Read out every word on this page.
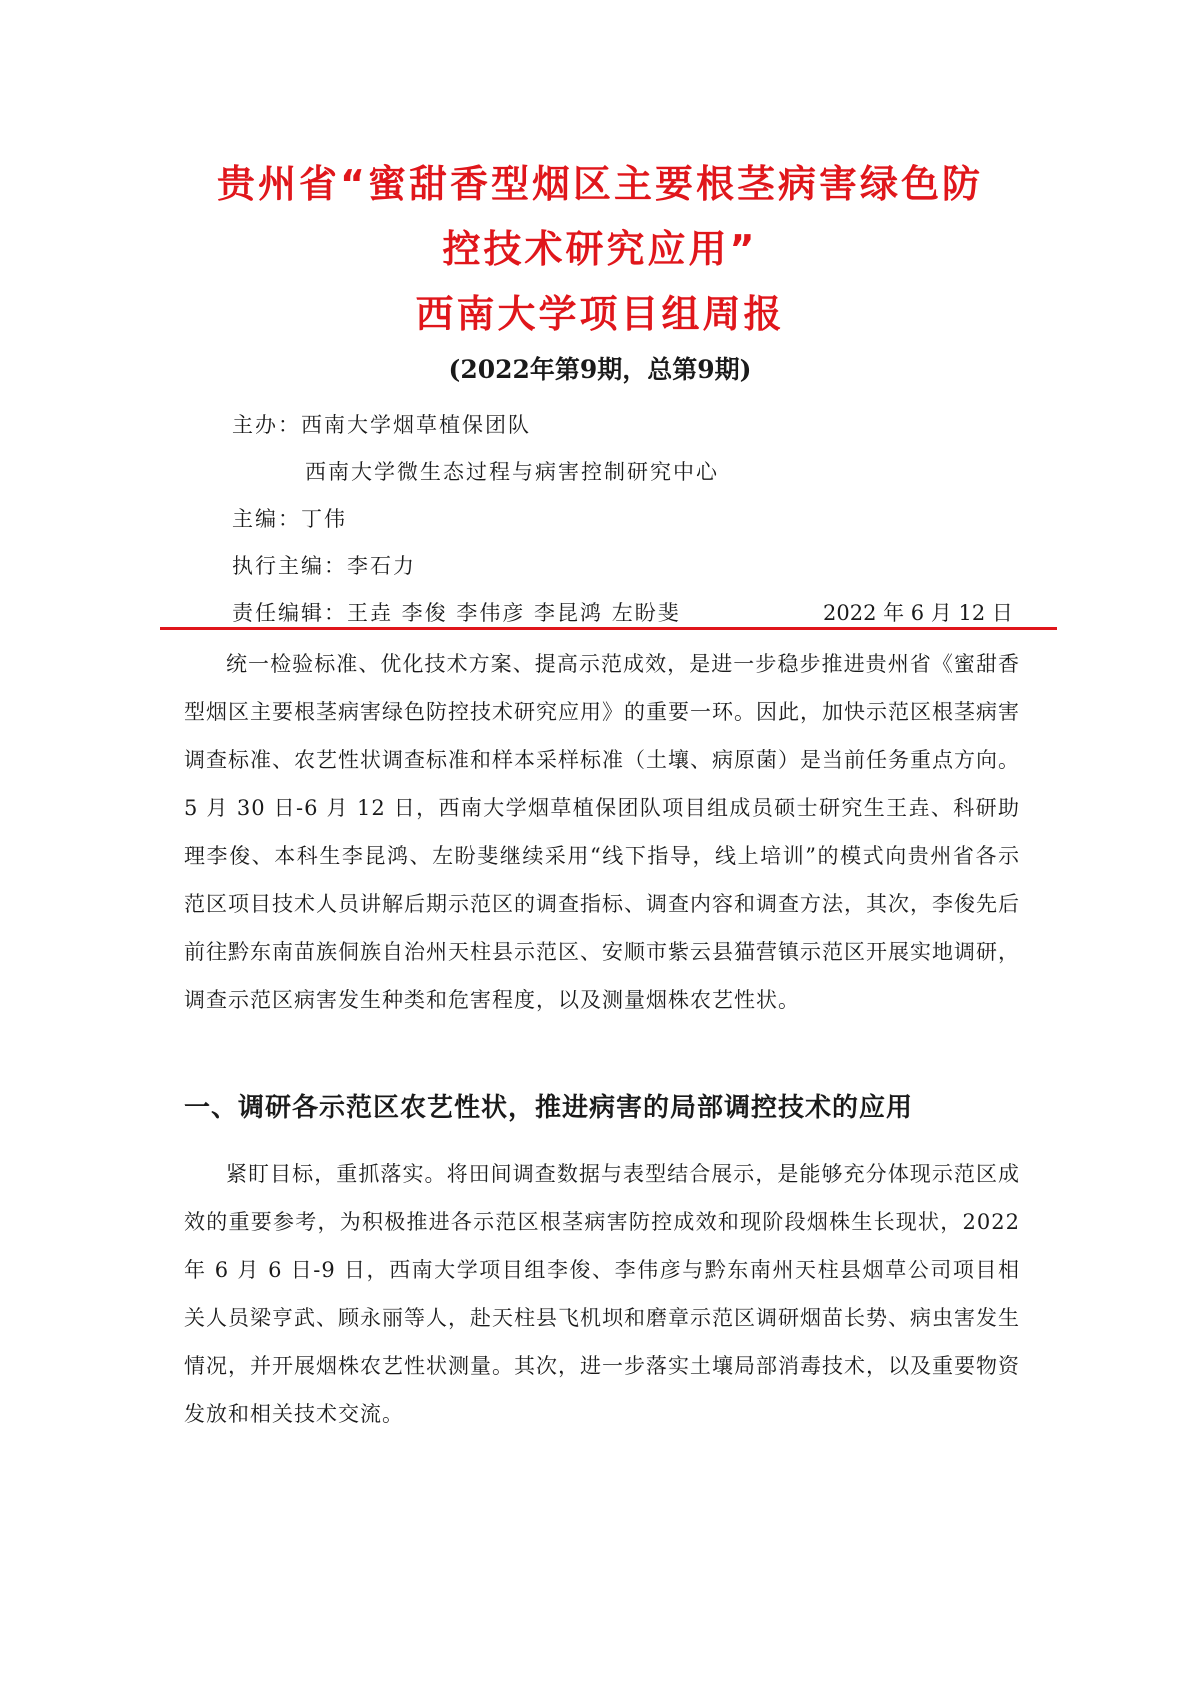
贵州省“蜜甜香型烟区主要根茎病害绿色防
控技术研究应用”
西南大学项目组周报

(2022年第9期，总第9期)

主办：西南大学烟草植保团队

西南大学微生态过程与病害控制研究中心

主编：丁伟

执行主编：李石力

责任编辑：王垚 李俊 李伟彦 李昆鸿 左盼斐	2022 年 6 月 12 日

统一检验标准、优化技术方案、提高示范成效，是进一步稳步推进贵州省《蜜甜香型烟区主要根茎病害绿色防控技术研究应用》的重要一环。因此，加快示范区根茎病害调查标准、农艺性状调查标准和样本采样标准（土壤、病原菌）是当前任务重点方向。5 月 30 日-6 月 12 日，西南大学烟草植保团队项目组成员硕士研究生王垚、科研助理李俊、本科生李昆鸿、左盼斐继续采用“线下指导，线上培训”的模式向贵州省各示范区项目技术人员讲解后期示范区的调查指标、调查内容和调查方法，其次，李俊先后前往黔东南苗族侗族自治州天柱县示范区、安顺市紫云县猫营镇示范区开展实地调研，调查示范区病害发生种类和危害程度，以及测量烟株农艺性状。

一、调研各示范区农艺性状，推进病害的局部调控技术的应用

紧盯目标，重抓落实。将田间调查数据与表型结合展示，是能够充分体现示范区成效的重要参考，为积极推进各示范区根茎病害防控成效和现阶段烟株生长现状，2022 年 6 月 6 日-9 日，西南大学项目组李俊、李伟彦与黔东南州天柱县烟草公司项目相关人员梁亨武、顾永丽等人，赴天柱县飞机坝和磨章示范区调研烟苗长势、病虫害发生情况，并开展烟株农艺性状测量。其次，进一步落实土壤局部消毒技术，以及重要物资发放和相关技术交流。
